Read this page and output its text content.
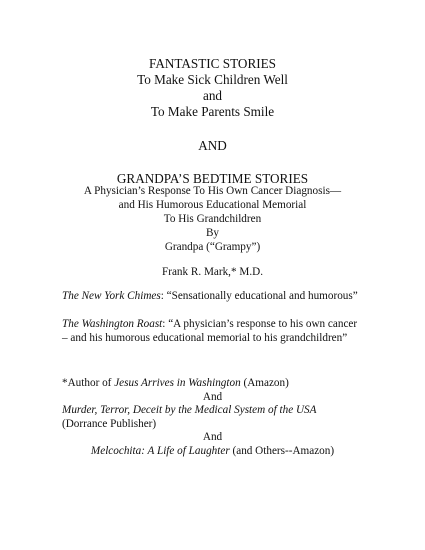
FANTASTIC STORIES
To Make Sick Children Well
and
To Make Parents Smile
AND
GRANDPA’S BEDTIME STORIES
A Physician’s Response To His Own Cancer Diagnosis—
and His Humorous Educational Memorial
To His Grandchildren
By
Grandpa (“Grampy”)
Frank R. Mark,* M.D.
The New York Chimes: “Sensationally educational and humorous”
The Washington Roast: “A physician’s response to his own cancer
– and his humorous educational memorial to his grandchildren”
*Author of Jesus Arrives in Washington (Amazon)
And
Murder, Terror, Deceit by the Medical System of the USA
(Dorrance Publisher)
And
Melcochita: A Life of Laughter (and Others--Amazon)
